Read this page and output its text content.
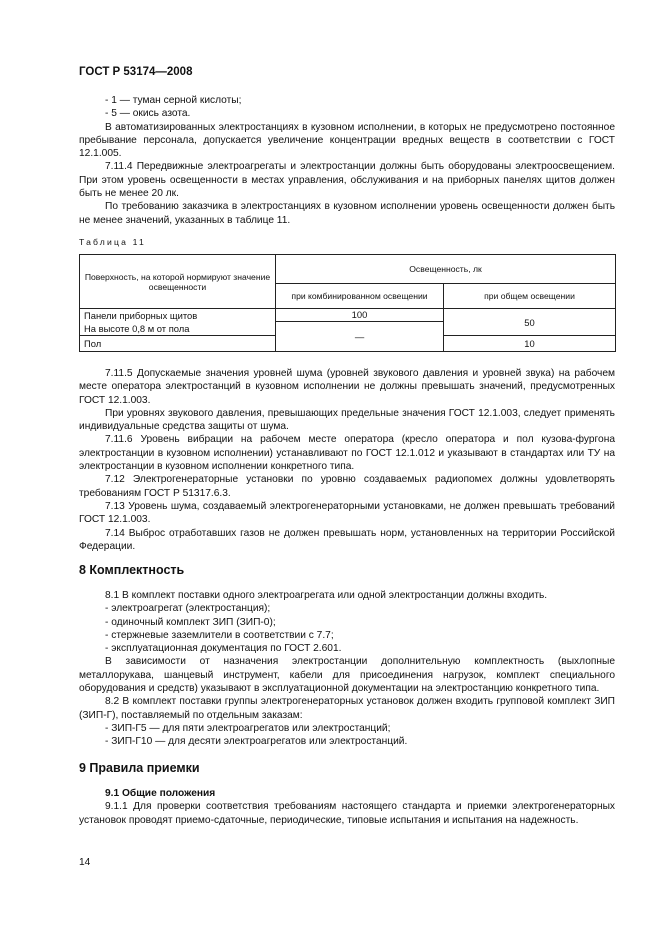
ГОСТ Р 53174—2008

- 1 — туман серной кислоты;

- 5 — окись азота.

В автоматизированных электростанциях в кузовном исполнении, в которых не предусмотрено постоянное пребывание персонала, допускается увеличение концентрации вредных веществ в соответствии с ГОСТ 12.1.005.

7.11.4 Передвижные электроагрегаты и электростанции должны быть оборудованы электроосвещением. При этом уровень освещенности в местах управления, обслуживания и на приборных панелях щитов должен быть не менее 20 лк.

По требованию заказчика в электростанциях в кузовном исполнении уровень освещенности должен быть не менее значений, указанных в таблице 11.

Таблица 11
Поверхность, на которой нормируют значение освещенности	Освещенность, лк	
	при комбинированном освещении	при общем освещении
Панели приборных щитов	100	50
На высоте 0,8 м от пола	—	
Пол		10

7.11.5 Допускаемые значения уровней шума (уровней звукового давления и уровней звука) на рабочем месте оператора электростанций в кузовном исполнении не должны превышать значений, предусмотренных ГОСТ 12.1.003.

При уровнях звукового давления, превышающих предельные значения ГОСТ 12.1.003, следует применять индивидуальные средства защиты от шума.

7.11.6 Уровень вибрации на рабочем месте оператора (кресло оператора и пол кузова-фургона электростанции в кузовном исполнении) устанавливают по ГОСТ 12.1.012 и указывают в стандартах или ТУ на электростанции в кузовном исполнении конкретного типа.

7.12 Электрогенераторные установки по уровню создаваемых радиопомех должны удовлетворять требованиям ГОСТ Р 51317.6.3.

7.13 Уровень шума, создаваемый электрогенераторными установками, не должен превышать требований ГОСТ 12.1.003.

7.14 Выброс отработавших газов не должен превышать норм, установленных на территории Российской Федерации.

8 Комплектность

8.1 В комплект поставки одного электроагрегата или одной электростанции должны входить.

- электроагрегат (электростанция);

- одиночный комплект ЗИП (ЗИП-0);

- стержневые заземлители в соответствии с 7.7;

- эксплуатационная документация по ГОСТ 2.601.

В зависимости от назначения электростанции дополнительную комплектность (выхлопные металлорукава, шанцевый инструмент, кабели для присоединения нагрузок, комплект специального оборудования и средств) указывают в эксплуатационной документации на электростанцию конкретного типа.

8.2 В комплект поставки группы электрогенераторных установок должен входить групповой комплект ЗИП (ЗИП-Г), поставляемый по отдельным заказам:

- ЗИП-Г5 — для пяти электроагрегатов или электростанций;

- ЗИП-Г10 — для десяти электроагрегатов или электростанций.

9 Правила приемки

9.1 Общие положения

9.1.1 Для проверки соответствия требованиям настоящего стандарта и приемки электрогенераторных установок проводят приемо-сдаточные, периодические, типовые испытания и испытания на надежность.

14
